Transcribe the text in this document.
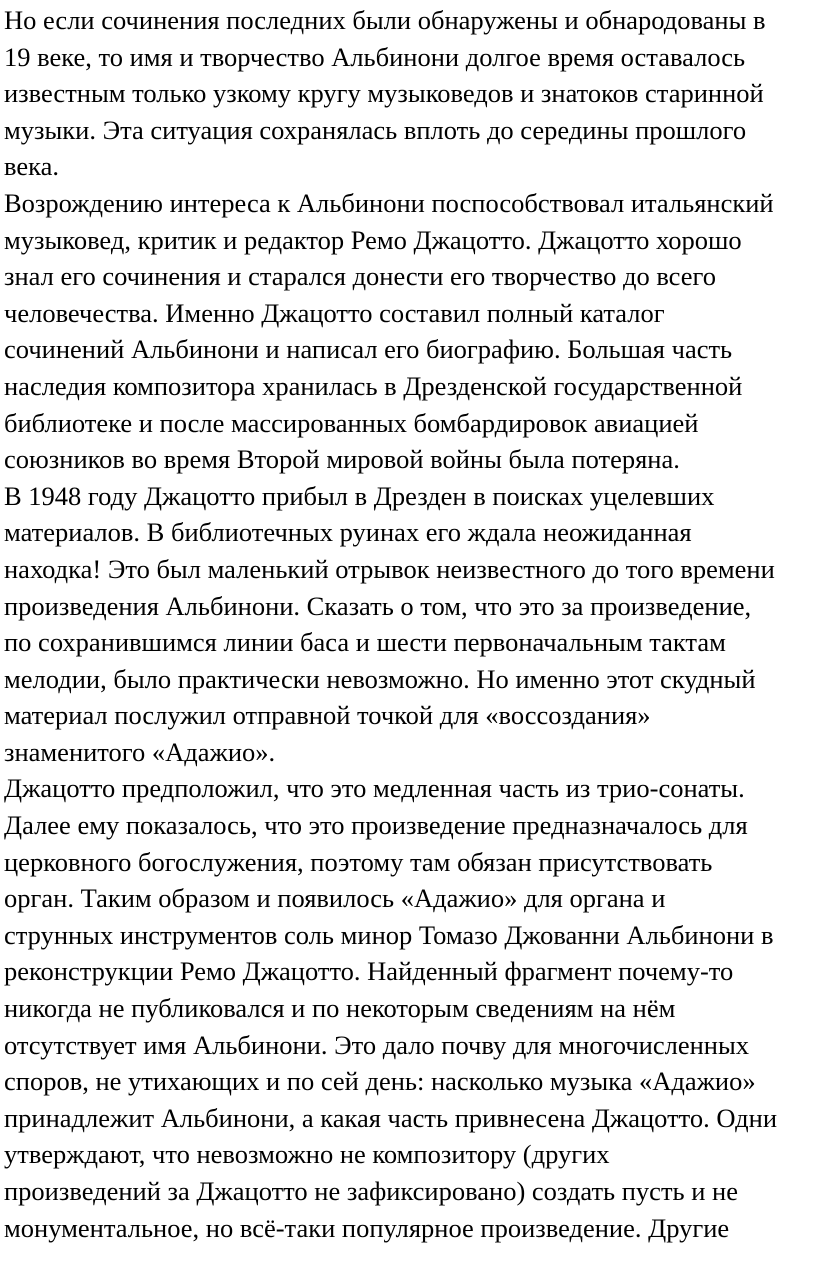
Но если сочинения последних были обнаружены и обнародованы в
19 веке, то имя и творчество Альбинони долгое время оставалось
известным только узкому кругу музыковедов и знатоков старинной
музыки. Эта ситуация сохранялась вплоть до середины прошлого
века.
Возрождению интереса к Альбинони поспособствовал итальянский
музыковед, критик и редактор Ремо Джацотто. Джацотто хорошо
знал его сочинения и старался донести его творчество до всего
человечества. Именно Джацотто составил полный каталог
сочинений Альбинони и написал его биографию. Большая часть
наследия композитора хранилась в Дрезденской государственной
библиотеке и после массированных бомбардировок авиацией
союзников во время Второй мировой войны была потеряна.
В 1948 году Джацотто прибыл в Дрезден в поисках уцелевших
материалов. В библиотечных руинах его ждала неожиданная
находка! Это был маленький отрывок неизвестного до того времени
произведения Альбинони. Сказать о том, что это за произведение,
по сохранившимся линии баса и шести первоначальным тактам
мелодии, было практически невозможно. Но именно этот скудный
материал послужил отправной точкой для «воссоздания»
знаменитого «Адажио».
Джацотто предположил, что это медленная часть из трио-сонаты.
Далее ему показалось, что это произведение предназначалось для
церковного богослужения, поэтому там обязан присутствовать
орган. Таким образом и появилось «Адажио» для органа и
струнных инструментов соль минор Томазо Джованни Альбинони в
реконструкции Ремо Джацотто. Найденный фрагмент почему-то
никогда не публиковался и по некоторым сведениям на нём
отсутствует имя Альбинони. Это дало почву для многочисленных
споров, не утихающих и по сей день: насколько музыка «Адажио»
принадлежит Альбинони, а какая часть привнесена Джацотто. Одни
утверждают, что невозможно не композитору (других
произведений за Джацотто не зафиксировано) создать пусть и не
монументальное, но всё-таки популярное произведение. Другие
